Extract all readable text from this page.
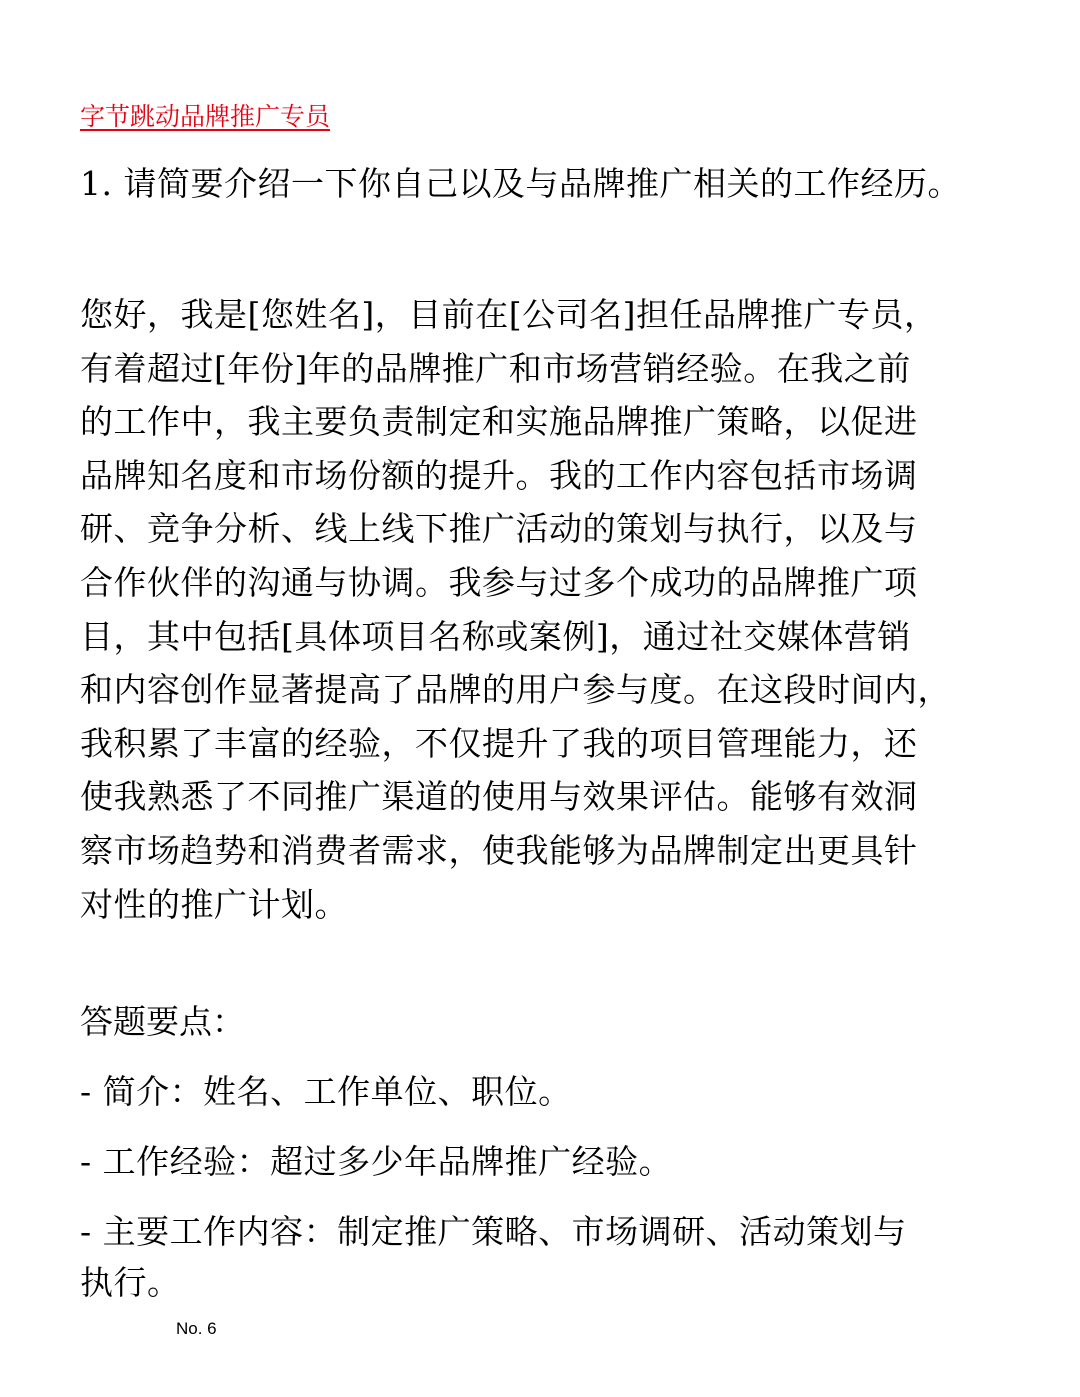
字节跳动品牌推广专员
1. 请简要介绍一下你自己以及与品牌推广相关的工作经历。
您好，我是[您姓名]，目前在[公司名]担任品牌推广专员，
有着超过[年份]年的品牌推广和市场营销经验。在我之前
的工作中，我主要负责制定和实施品牌推广策略，以促进
品牌知名度和市场份额的提升。我的工作内容包括市场调
研、竞争分析、线上线下推广活动的策划与执行，以及与
合作伙伴的沟通与协调。我参与过多个成功的品牌推广项
目，其中包括[具体项目名称或案例]，通过社交媒体营销
和内容创作显著提高了品牌的用户参与度。在这段时间内，
我积累了丰富的经验，不仅提升了我的项目管理能力，还
使我熟悉了不同推广渠道的使用与效果评估。能够有效洞
察市场趋势和消费者需求，使我能够为品牌制定出更具针
对性的推广计划。
答题要点：
- 简介：姓名、工作单位、职位。
- 工作经验：超过多少年品牌推广经验。
- 主要工作内容：制定推广策略、市场调研、活动策划与
执行。
No. 6
